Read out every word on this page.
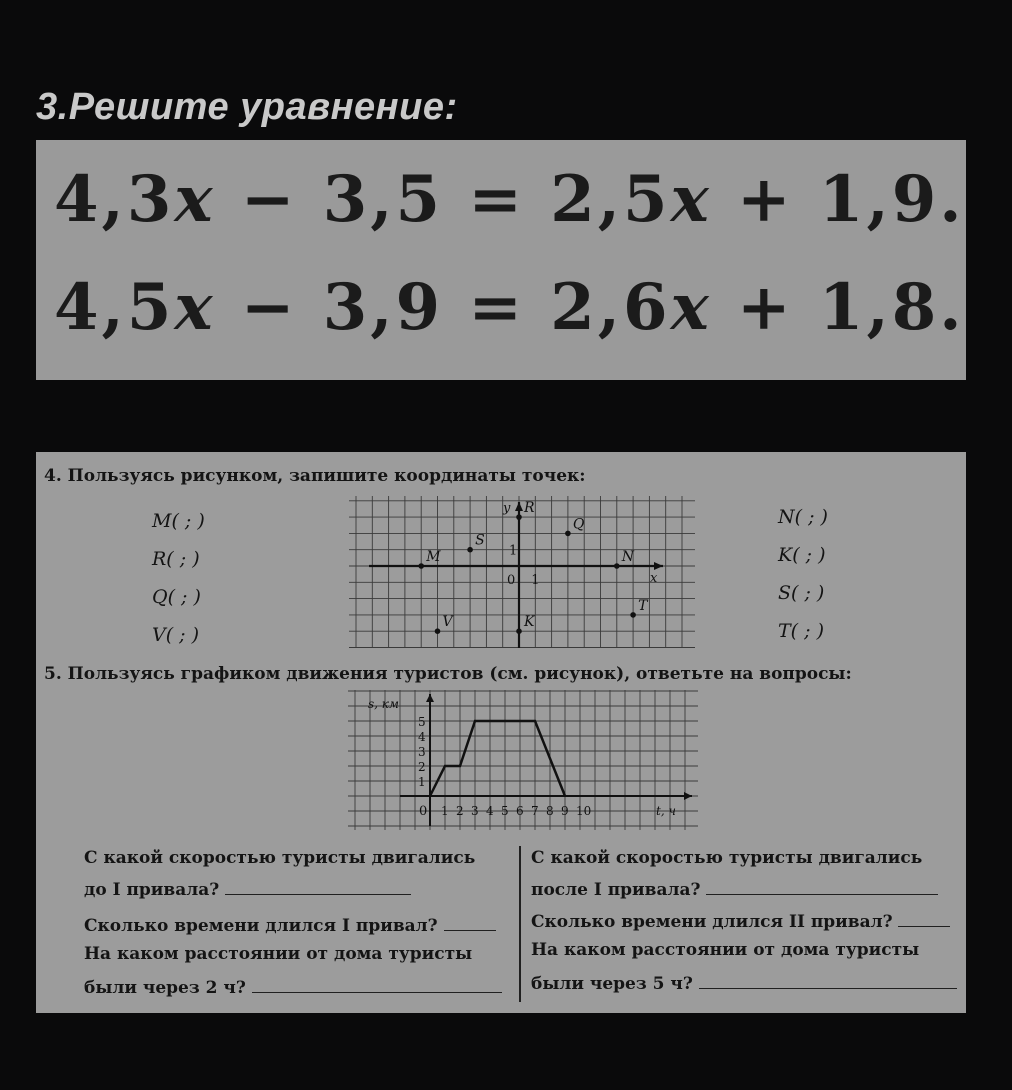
3.Решите уравнение:
4,3x − 3,5 = 2,5x + 1,9.
4,5x − 3,9 = 2,6x + 1,8.
4. Пользуясь рисунком, запишите координаты точек:
M( ; )
R( ; )
Q( ; )
V( ; )
N( ; )
K( ; )
S( ; )
T( ; )
x
y
0 1
1
M
S
R
Q
N
T
V	K
5. Пользуясь графиком движения туристов (см. рисунок), ответьте на вопросы:
s, км
t, ч
0 1 2 3 4 5 6 7 8 9 10
1
2
3
4
5
С какой скоростью туристы двигались
до I привала?
Сколько времени длился I привал?
На каком расстоянии от дома туристы
были через 2 ч?
С какой скоростью туристы двигались
после I привала?
Сколько времени длился II привал?
На каком расстоянии от дома туристы
были через 5 ч?
